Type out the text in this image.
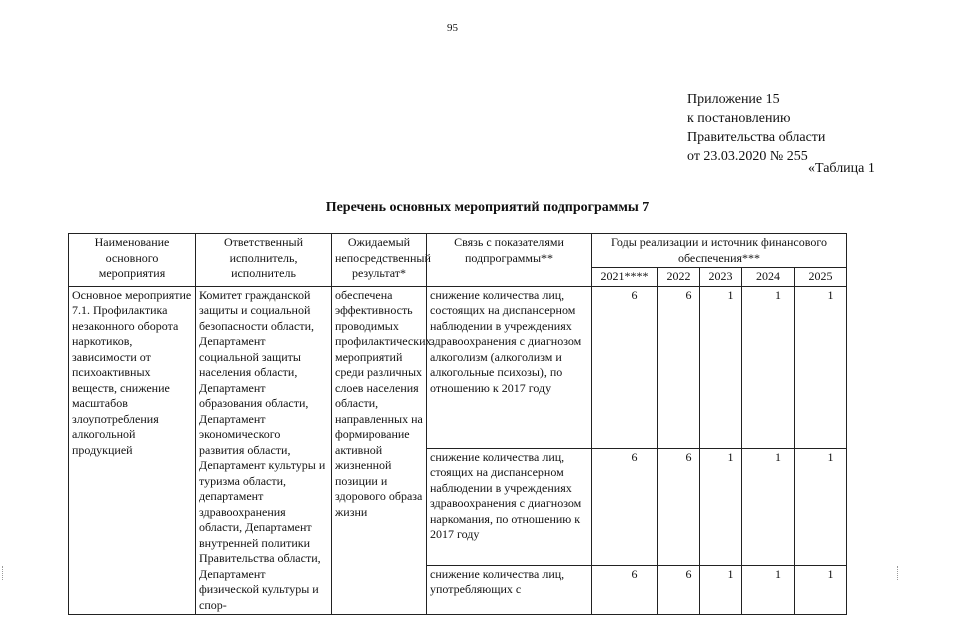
95
Приложение 15
к постановлению
Правительства области
от 23.03.2020 № 255
«Таблица 1
Перечень основных мероприятий подпрограммы 7
Наименование основного мероприятия	Ответственный исполнитель, исполнитель	Ожидаемый непосредственный результат*	Связь с показателями подпрограммы**	Годы реализации и источник финансового обеспечения***				
				2021****	2022	2023	2024	2025
Основное мероприятие 7.1. Профилактика незаконного оборота наркотиков, зависимости от психоактивных веществ, снижение масштабов злоупотребления алкогольной продукцией	Комитет гражданской защиты и социальной безопасности области, Департамент социальной защиты населения области, Департамент образования области, Департамент экономического развития области, Департамент культуры и туризма области, департамент здравоохранения области, Департамент внутренней политики Правительства области, Департамент физической культуры и спор-	обеспечена эффективность проводимых профилактических мероприятий среди различных слоев населения области, направленных на формирование активной жизненной позиции и здорового образа жизни	снижение количества лиц, состоящих на диспансерном наблюдении в учреждениях здравоохранения с диагнозом алкоголизм (алкоголизм и алкогольные психозы), по отношению к 2017 году	6	6	1	1	1
			снижение количества лиц, стоящих на диспансерном наблюдении в учреждениях здравоохранения с диагнозом наркомания, по отношению к 2017 году	6	6	1	1	1
			снижение количества лиц, употребляющих с	6	6	1	1	1
